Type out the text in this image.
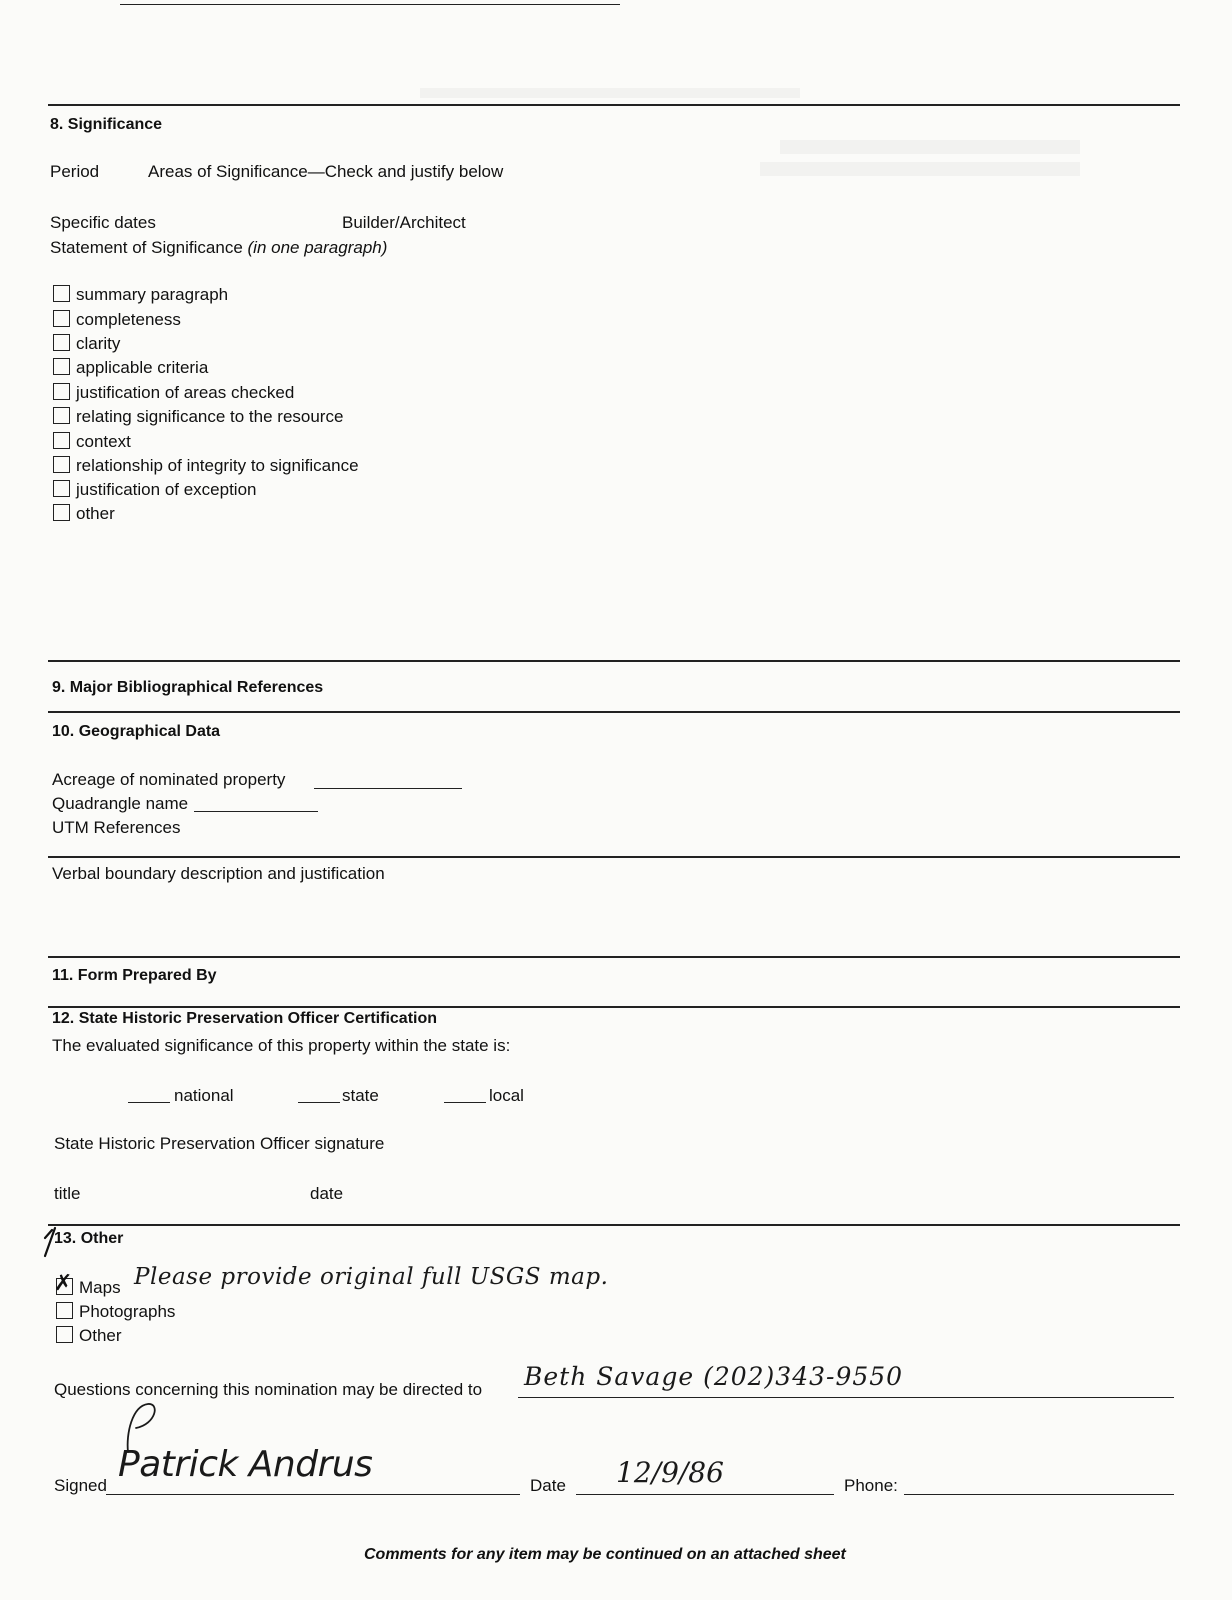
8. Significance
Period	Areas of Significance—Check and justify below
Specific dates	Builder/Architect
Statement of Significance (in one paragraph)
summary paragraph
completeness
clarity
applicable criteria
justification of areas checked
relating significance to the resource
context
relationship of integrity to significance
justification of exception
other
9. Major Bibliographical References
10. Geographical Data
Acreage of nominated property
Quadrangle name
UTM References
Verbal boundary description and justification
11. Form Prepared By
12. State Historic Preservation Officer Certification
The evaluated significance of this property within the state is:
national	state	local
State Historic Preservation Officer signature
title	date
13. Other
✗ Maps Please provide original full USGS map.
Photographs
Other
Questions concerning this nomination may be directed to Beth Savage (202)343-9550
Signed
Patrick Andrus
Date 12/9/86	Phone:
Comments for any item may be continued on an attached sheet
